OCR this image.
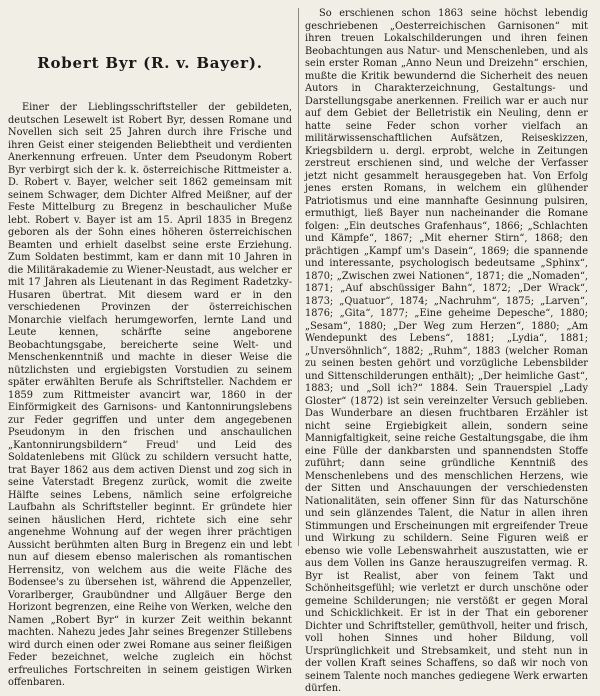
Robert Byr (R. v. Bayer).

Einer der Lieblingsschriftsteller der gebildeten, deutschen Lesewelt ist Robert Byr, dessen Romane und Novellen sich seit 25 Jahren durch ihre Frische und ihren Geist einer steigenden Beliebtheit und verdienten Anerkennung erfreuen. Unter dem Pseudonym Robert Byr verbirgt sich der k. k. österreichische Rittmeister a. D. Robert v. Bayer, welcher seit 1862 gemeinsam mit seinem Schwager, dem Dichter Alfred Meißner, auf der Feste Mittelburg zu Bregenz in beschaulicher Muße lebt. Robert v. Bayer ist am 15. April 1835 in Bregenz geboren als der Sohn eines höheren österreichischen Beamten und erhielt daselbst seine erste Erziehung. Zum Soldaten bestimmt, kam er dann mit 10 Jahren in die Militärakademie zu Wiener-Neustadt, aus welcher er mit 17 Jahren als Lieutenant in das Regiment Radetzky-Husaren übertrat. Mit diesem ward er in den verschiedenen Provinzen der österreichischen Monarchie vielfach herumgeworfen, lernte Land und Leute kennen, schärfte seine angeborene Beobachtungsgabe, bereicherte seine Welt- und Menschenkenntniß und machte in dieser Weise die nützlichsten und ergiebigsten Vorstudien zu seinem später erwählten Berufe als Schriftsteller. Nachdem er 1859 zum Rittmeister avancirt war, 1860 in der Einförmigkeit des Garnisons- und Kantonnirungslebens zur Feder gegriffen und unter dem angegebenen Pseudonym in den frischen und anschaulichen „Kantonnirungsbildern“ Freud' und Leid des Soldatenlebens mit Glück zu schildern versucht hatte, trat Bayer 1862 aus dem activen Dienst und zog sich in seine Vaterstadt Bregenz zurück, womit die zweite Hälfte seines Lebens, nämlich seine erfolgreiche Laufbahn als Schriftsteller beginnt. Er gründete hier seinen häuslichen Herd, richtete sich eine sehr angenehme Wohnung auf der wegen ihrer prächtigen Aussicht berühmten alten Burg in Bregenz ein und lebt nun auf diesem ebenso malerischen als romantischen Herrensitz, von welchem aus die weite Fläche des Bodensee's zu übersehen ist, während die Appenzeller, Vorarlberger, Graubündner und Allgäuer Berge den Horizont begrenzen, eine Reihe von Werken, welche den Namen „Robert Byr“ in kurzer Zeit weithin bekannt machten. Nahezu jedes Jahr seines Bregenzer Stillebens wird durch einen oder zwei Romane aus seiner fleißigen Feder bezeichnet, welche zugleich ein höchst erfreuliches Fortschreiten in seinem geistigen Wirken offenbaren.

So erschienen schon 1863 seine höchst lebendig geschriebenen „Oesterreichischen Garnisonen“ mit ihren treuen Lokalschilderungen und ihren feinen Beobachtungen aus Natur- und Menschenleben, und als sein erster Roman „Anno Neun und Dreizehn“ erschien, mußte die Kritik bewundernd die Sicherheit des neuen Autors in Charakterzeichnung, Gestaltungs- und Darstellungsgabe anerkennen. Freilich war er auch nur auf dem Gebiet der Belletristik ein Neuling, denn er hatte seine Feder schon vorher vielfach an militärwissenschaftlichen Aufsätzen, Reiseskizzen, Kriegsbildern u. dergl. erprobt, welche in Zeitungen zerstreut erschienen sind, und welche der Verfasser jetzt nicht gesammelt herausgegeben hat. Von Erfolg jenes ersten Romans, in welchem ein glühender Patriotismus und eine mannhafte Gesinnung pulsiren, ermuthigt, ließ Bayer nun nacheinander die Romane folgen: „Ein deutsches Grafenhaus“, 1866; „Schlachten und Kämpfe“, 1867; „Mit eherner Stirn“, 1868; den prächtigen „Kampf um's Dasein“, 1869; die spannende und interessante, psychologisch bedeutsame „Sphinx“, 1870; „Zwischen zwei Nationen“, 1871; die „Nomaden“, 1871; „Auf abschüssiger Bahn“, 1872; „Der Wrack“, 1873; „Quatuor“, 1874; „Nachruhm“, 1875; „Larven“, 1876; „Gita“, 1877; „Eine geheime Depesche“, 1880; „Sesam“, 1880; „Der Weg zum Herzen“, 1880; „Am Wendepunkt des Lebens“, 1881; „Lydia“, 1881; „Unversöhnlich“, 1882; „Ruhm“, 1883 (welcher Roman zu seinen besten gehört und vorzügliche Lebensbilder und Sittenschilderungen enthält); „Der heimliche Gast“, 1883; und „Soll ich?“ 1884. Sein Trauerspiel „Lady Gloster“ (1872) ist sein vereinzelter Versuch geblieben. Das Wunderbare an diesen fruchtbaren Erzähler ist nicht seine Ergiebigkeit allein, sondern seine Mannigfaltigkeit, seine reiche Gestaltungsgabe, die ihm eine Fülle der dankbarsten und spannendsten Stoffe zuführt; dann seine gründliche Kenntniß des Menschenlebens und des menschlichen Herzens, wie der Sitten und Anschauungen der verschiedensten Nationalitäten, sein offener Sinn für das Naturschöne und sein glänzendes Talent, die Natur in allen ihren Stimmungen und Erscheinungen mit ergreifender Treue und Wirkung zu schildern. Seine Figuren weiß er ebenso wie volle Lebenswahrheit auszustatten, wie er aus dem Vollen ins Ganze herauszugreifen vermag. R. Byr ist Realist, aber von feinem Takt und Schönheitsgefühl; wie verletzt er durch unschöne oder gemeine Schilderungen; nie verstößt er gegen Moral und Schicklichkeit. Er ist in der That ein geborener Dichter und Schriftsteller, gemüthvoll, heiter und frisch, voll hohen Sinnes und hoher Bildung, voll Ursprünglichkeit und Strebsamkeit, und steht nun in der vollen Kraft seines Schaffens, so daß wir noch von seinem Talente noch manches gediegene Werk erwarten dürfen.
